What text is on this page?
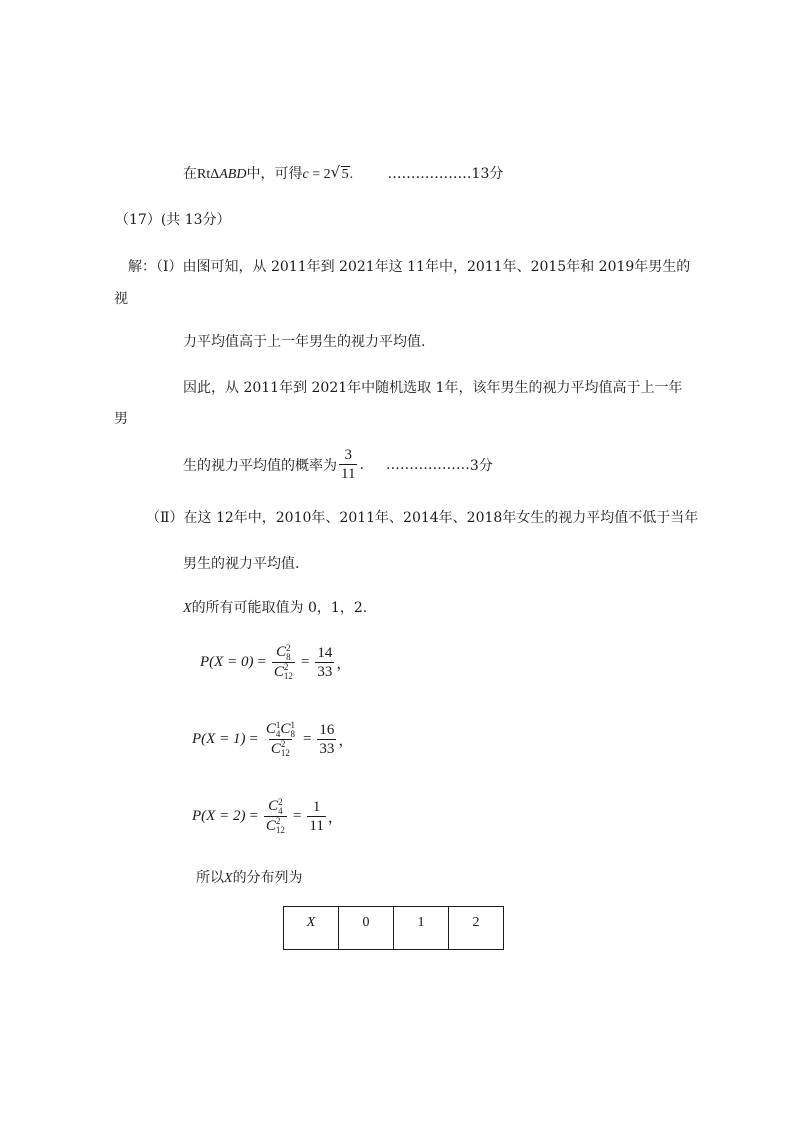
在RtΔABD中，可得c = 2 √ 5. ………………13分
（17）(共 13分）
解：（Ⅰ）由图可知，从 2011年到 2021年这 11年中，2011年、2015年和 2019年男生的
视
力平均值高于上一年男生的视力平均值.
因此，从 2011年到 2021年中随机选取 1年，该年男生的视力平均值高于上一年
男
生的视力平均值的概率为 $\frac{3}{11}$ . ……………… 3分
（Ⅱ）在这 12年中，2010年、2011年、2014年、2018年女生的视力平均值不低于当年
男生的视力平均值.
X的所有可能取值为 0，1，2.
P(X = 0) = C 2
8
C 2
$12 = \frac{14}{33}$ ，
P(X = 1) = C 1
4 C 1
8
C 2
$12 = \frac{16}{33}$ ，
P(X = 2) = C 2
4
C 2
$12 = \frac{1}{11}$ ，
所以X的分布列为
X	0	1	2
